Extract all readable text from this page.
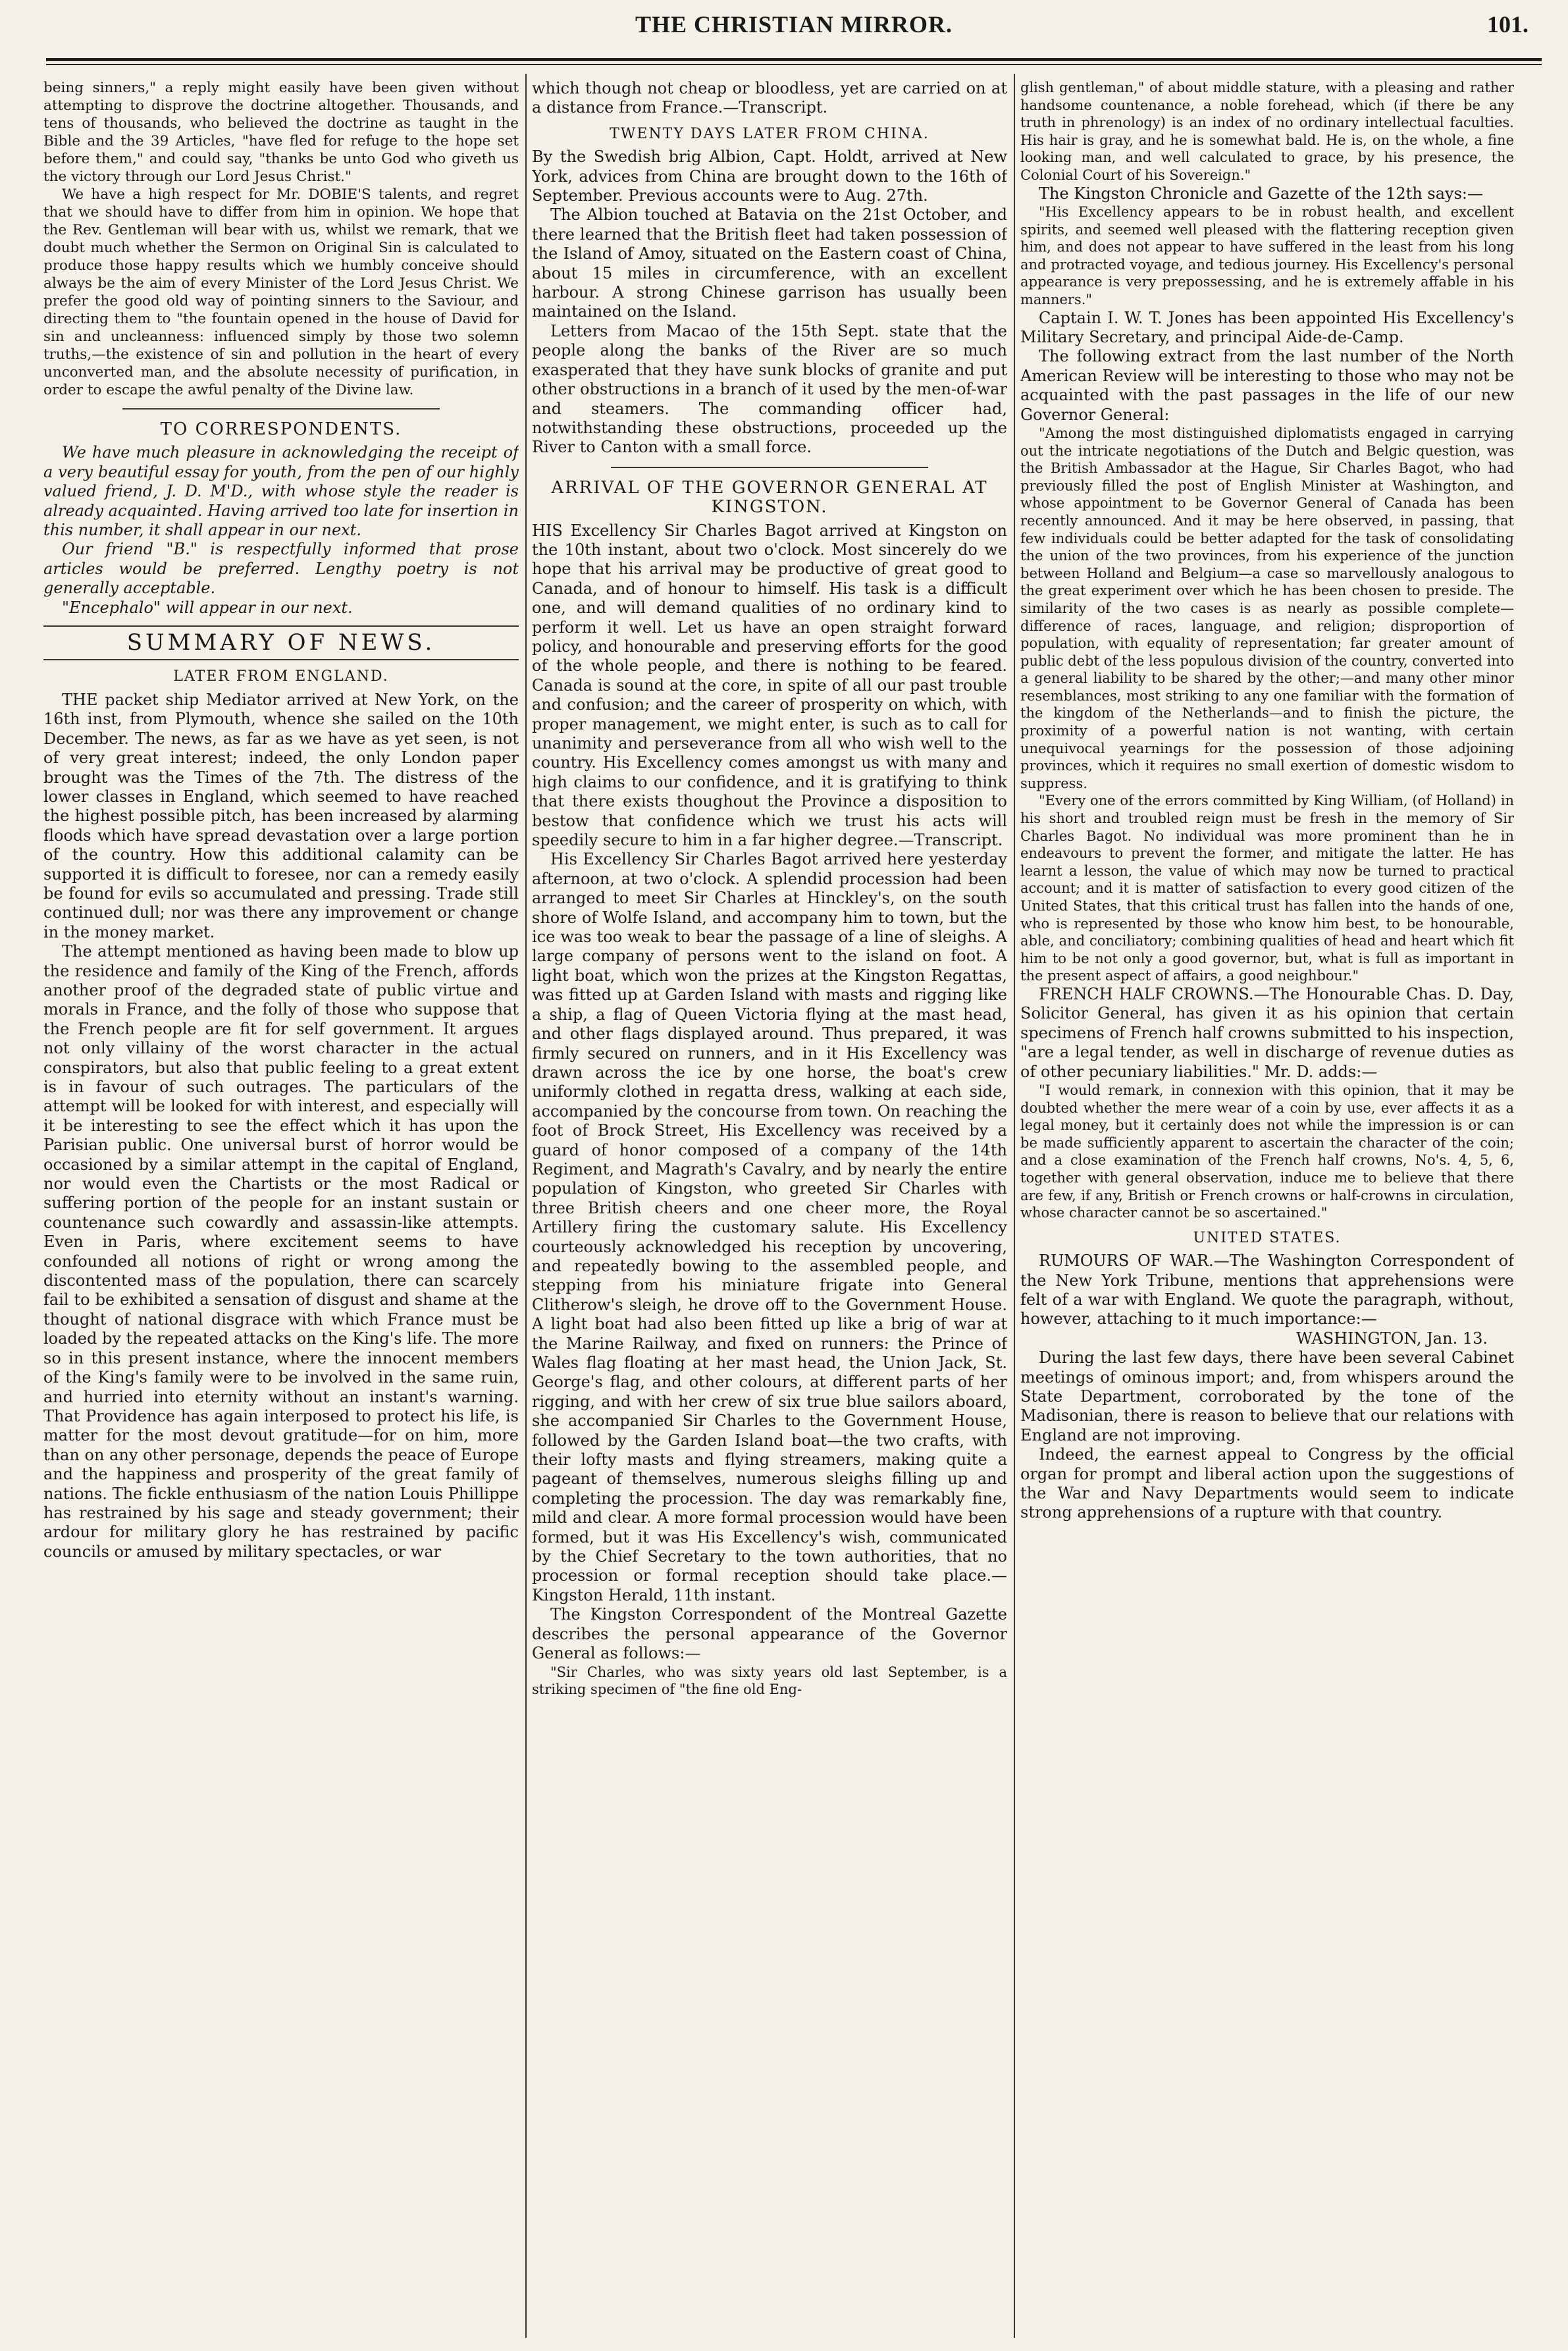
THE CHRISTIAN MIRROR.	101.

being sinners," a reply might easily have been given without attempting to disprove the doctrine altogether. Thousands, and tens of thousands, who believed the doctrine as taught in the Bible and the 39 Articles, "have fled for refuge to the hope set before them," and could say, "thanks be unto God who giveth us the victory through our Lord Jesus Christ."

We have a high respect for Mr. DOBIE'S talents, and regret that we should have to differ from him in opinion. We hope that the Rev. Gentleman will bear with us, whilst we remark, that we doubt much whether the Sermon on Original Sin is calculated to produce those happy results which we humbly conceive should always be the aim of every Minister of the Lord Jesus Christ. We prefer the good old way of pointing sinners to the Saviour, and directing them to "the fountain opened in the house of David for sin and uncleanness: influenced simply by those two solemn truths,—the existence of sin and pollution in the heart of every unconverted man, and the absolute necessity of purification, in order to escape the awful penalty of the Divine law.

TO CORRESPONDENTS.

We have much pleasure in acknowledging the receipt of a very beautiful essay for youth, from the pen of our highly valued friend, J. D. M'D., with whose style the reader is already acquainted. Having arrived too late for insertion in this number, it shall appear in our next.

Our friend "B." is respectfully informed that prose articles would be preferred. Lengthy poetry is not generally acceptable.

"Encephalo" will appear in our next.

SUMMARY OF NEWS.
LATER FROM ENGLAND.

THE packet ship Mediator arrived at New York, on the 16th inst, from Plymouth, whence she sailed on the 10th December. The news, as far as we have as yet seen, is not of very great interest; indeed, the only London paper brought was the Times of the 7th. The distress of the lower classes in England, which seemed to have reached the highest possible pitch, has been increased by alarming floods which have spread devastation over a large portion of the country. How this additional calamity can be supported it is difficult to foresee, nor can a remedy easily be found for evils so accumulated and pressing. Trade still continued dull; nor was there any improvement or change in the money market.

The attempt mentioned as having been made to blow up the residence and family of the King of the French, affords another proof of the degraded state of public virtue and morals in France, and the folly of those who suppose that the French people are fit for self government. It argues not only villainy of the worst character in the actual conspirators, but also that public feeling to a great extent is in favour of such outrages. The particulars of the attempt will be looked for with interest, and especially will it be interesting to see the effect which it has upon the Parisian public. One universal burst of horror would be occasioned by a similar attempt in the capital of England, nor would even the Chartists or the most Radical or suffering portion of the people for an instant sustain or countenance such cowardly and assassin-like attempts. Even in Paris, where excitement seems to have confounded all notions of right or wrong among the discontented mass of the population, there can scarcely fail to be exhibited a sensation of disgust and shame at the thought of national disgrace with which France must be loaded by the repeated attacks on the King's life. The more so in this present instance, where the innocent members of the King's family were to be involved in the same ruin, and hurried into eternity without an instant's warning. That Providence has again interposed to protect his life, is matter for the most devout gratitude—for on him, more than on any other personage, depends the peace of Europe and the happiness and prosperity of the great family of nations. The fickle enthusiasm of the nation Louis Phillippe has restrained by his sage and steady government; their ardour for military glory he has restrained by pacific councils or amused by military spectacles, or war

which though not cheap or bloodless, yet are carried on at a distance from France.—Transcript.

TWENTY DAYS LATER FROM CHINA.

By the Swedish brig Albion, Capt. Holdt, arrived at New York, advices from China are brought down to the 16th of September. Previous accounts were to Aug. 27th.

The Albion touched at Batavia on the 21st October, and there learned that the British fleet had taken possession of the Island of Amoy, situated on the Eastern coast of China, about 15 miles in circumference, with an excellent harbour. A strong Chinese garrison has usually been maintained on the Island.

Letters from Macao of the 15th Sept. state that the people along the banks of the River are so much exasperated that they have sunk blocks of granite and put other obstructions in a branch of it used by the men-of-war and steamers. The commanding officer had, notwithstanding these obstructions, proceeded up the River to Canton with a small force.

ARRIVAL OF THE GOVERNOR GENERAL AT KINGSTON.

HIS Excellency Sir Charles Bagot arrived at Kingston on the 10th instant, about two o'clock. Most sincerely do we hope that his arrival may be productive of great good to Canada, and of honour to himself. His task is a difficult one, and will demand qualities of no ordinary kind to perform it well. Let us have an open straight forward policy, and honourable and preserving efforts for the good of the whole people, and there is nothing to be feared. Canada is sound at the core, in spite of all our past trouble and confusion; and the career of prosperity on which, with proper management, we might enter, is such as to call for unanimity and perseverance from all who wish well to the country. His Excellency comes amongst us with many and high claims to our confidence, and it is gratifying to think that there exists thoughout the Province a disposition to bestow that confidence which we trust his acts will speedily secure to him in a far higher degree.—Transcript.

His Excellency Sir Charles Bagot arrived here yesterday afternoon, at two o'clock. A splendid procession had been arranged to meet Sir Charles at Hinckley's, on the south shore of Wolfe Island, and accompany him to town, but the ice was too weak to bear the passage of a line of sleighs. A large company of persons went to the island on foot. A light boat, which won the prizes at the Kingston Regattas, was fitted up at Garden Island with masts and rigging like a ship, a flag of Queen Victoria flying at the mast head, and other flags displayed around. Thus prepared, it was firmly secured on runners, and in it His Excellency was drawn across the ice by one horse, the boat's crew uniformly clothed in regatta dress, walking at each side, accompanied by the concourse from town. On reaching the foot of Brock Street, His Excellency was received by a guard of honor composed of a company of the 14th Regiment, and Magrath's Cavalry, and by nearly the entire population of Kingston, who greeted Sir Charles with three British cheers and one cheer more, the Royal Artillery firing the customary salute. His Excellency courteously acknowledged his reception by uncovering, and repeatedly bowing to the assembled people, and stepping from his miniature frigate into General Clitherow's sleigh, he drove off to the Government House. A light boat had also been fitted up like a brig of war at the Marine Railway, and fixed on runners: the Prince of Wales flag floating at her mast head, the Union Jack, St. George's flag, and other colours, at different parts of her rigging, and with her crew of six true blue sailors aboard, she accompanied Sir Charles to the Government House, followed by the Garden Island boat—the two crafts, with their lofty masts and flying streamers, making quite a pageant of themselves, numerous sleighs filling up and completing the procession. The day was remarkably fine, mild and clear. A more formal procession would have been formed, but it was His Excellency's wish, communicated by the Chief Secretary to the town authorities, that no procession or formal reception should take place.—Kingston Herald, 11th instant.

The Kingston Correspondent of the Montreal Gazette describes the personal appearance of the Governor General as follows:—

"Sir Charles, who was sixty years old last September, is a striking specimen of "the fine old Eng-

glish gentleman," of about middle stature, with a pleasing and rather handsome countenance, a noble forehead, which (if there be any truth in phrenology) is an index of no ordinary intellectual faculties. His hair is gray, and he is somewhat bald. He is, on the whole, a fine looking man, and well calculated to grace, by his presence, the Colonial Court of his Sovereign."

The Kingston Chronicle and Gazette of the 12th says:—

"His Excellency appears to be in robust health, and excellent spirits, and seemed well pleased with the flattering reception given him, and does not appear to have suffered in the least from his long and protracted voyage, and tedious journey. His Excellency's personal appearance is very prepossessing, and he is extremely affable in his manners."

Captain I. W. T. Jones has been appointed His Excellency's Military Secretary, and principal Aide-de-Camp.

The following extract from the last number of the North American Review will be interesting to those who may not be acquainted with the past passages in the life of our new Governor General:

"Among the most distinguished diplomatists engaged in carrying out the intricate negotiations of the Dutch and Belgic question, was the British Ambassador at the Hague, Sir Charles Bagot, who had previously filled the post of English Minister at Washington, and whose appointment to be Governor General of Canada has been recently announced. And it may be here observed, in passing, that few individuals could be better adapted for the task of consolidating the union of the two provinces, from his experience of the junction between Holland and Belgium—a case so marvellously analogous to the great experiment over which he has been chosen to preside. The similarity of the two cases is as nearly as possible complete—difference of races, language, and religion; disproportion of population, with equality of representation; far greater amount of public debt of the less populous division of the country, converted into a general liability to be shared by the other;—and many other minor resemblances, most striking to any one familiar with the formation of the kingdom of the Netherlands—and to finish the picture, the proximity of a powerful nation is not wanting, with certain unequivocal yearnings for the possession of those adjoining provinces, which it requires no small exertion of domestic wisdom to suppress.

"Every one of the errors committed by King William, (of Holland) in his short and troubled reign must be fresh in the memory of Sir Charles Bagot. No individual was more prominent than he in endeavours to prevent the former, and mitigate the latter. He has learnt a lesson, the value of which may now be turned to practical account; and it is matter of satisfaction to every good citizen of the United States, that this critical trust has fallen into the hands of one, who is represented by those who know him best, to be honourable, able, and conciliatory; combining qualities of head and heart which fit him to be not only a good governor, but, what is full as important in the present aspect of affairs, a good neighbour."

FRENCH HALF CROWNS.—The Honourable Chas. D. Day, Solicitor General, has given it as his opinion that certain specimens of French half crowns submitted to his inspection, "are a legal tender, as well in discharge of revenue duties as of other pecuniary liabilities." Mr. D. adds:—

"I would remark, in connexion with this opinion, that it may be doubted whether the mere wear of a coin by use, ever affects it as a legal money, but it certainly does not while the impression is or can be made sufficiently apparent to ascertain the character of the coin; and a close examination of the French half crowns, No's. 4, 5, 6, together with general observation, induce me to believe that there are few, if any, British or French crowns or half-crowns in circulation, whose character cannot be so ascertained."

UNITED STATES.

RUMOURS OF WAR.—The Washington Correspondent of the New York Tribune, mentions that apprehensions were felt of a war with England. We quote the paragraph, without, however, attaching to it much importance:—

WASHINGTON, Jan. 13.

During the last few days, there have been several Cabinet meetings of ominous import; and, from whispers around the State Department, corroborated by the tone of the Madisonian, there is reason to believe that our relations with England are not improving.

Indeed, the earnest appeal to Congress by the official organ for prompt and liberal action upon the suggestions of the War and Navy Departments would seem to indicate strong apprehensions of a rupture with that country.
